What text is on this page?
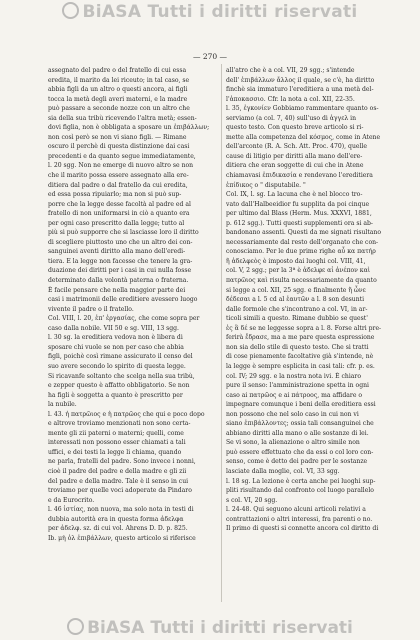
BiASA Tutti i diritti riservati
— 270 —

assegnato del padre o del fratello di cui essa

eredita, il marito da lei riceuto; in tal caso, se

abbia figli da un altro o questi ancora, ai figli

tocca la metà degli averi materni, e la madre

può passare a seconde nozze con un altro che

sia della sua tribù ricevendo l'altra metà; essen-

dovi figlia, non è obbligata a sposare un ἐπιβάλλων;

non così però se non vi siano figli. — Rimane

oscuro il perchè di questa distinzione dai casi

precedenti e da quanto segue immediatamente,

l. 20 sgg. Non ne emerge di nuovo altro se non

che il marito possa essere assegnato alla ere-

ditiera dal padre o dal fratello da cui eredita,

ed essa possa ripuiarlo; ma non si può sup-

porre che la legge desse facoltà al padre ed al

fratello di non uniformarsi in ciò a quanto era

per ogni caso prescritto dalla legge; tutto al

più si può supporre che si lasciasse loro il diritto

di scegliere piuttosto uno che un altro dei con-

sanguinei aventi diritto alla mano dell'eredi-

tiera. E la legge non facesse che tenere la gra-

duazione dei diritti per i casi in cui nulla fosse

determinato dalla volontà paterna o fraterna.

È facile pensare che nella maggior parte dei

casi i matrimonii delle ereditiere avessero luogo

vivente il padre o il fratello.

Col. VIII, l. 20, ἐπ' ἐργασίας, che come sopra per

caso dalla nobile. VII 50 e sg. VIII, 13 sgg.

l. 30 sg. la ereditiera vedova non è libera di

sposare chi vuole se non per caso che abbia

figli, poichè così rimane assicurato il censo del

suo avere secondo lo spirito di questa legge.

Si ricavanfe soltanto che scelga nella sua tribù,

e zepper questo è affatto obbligatorio. Se non

ha figli è soggetta a quanto è prescritto per

la nubile.

l. 43. ἡ πατρῶιος e ἡ πατρῶος che qui e poco dopo

e altrove troviamo menzionati non sono certa-

mente gli zii paterni o materni; quelli, come

interessati non possono esser chiamati a tali

uffici, e dei testi la legge li chiama, quando

ne parla, fratelli del padre. Sono invece i nonni,

cioè il padre del padre e della madre e gli zii

del padre e della madre. Tale è il senso in cui

troviamo per quelle voci adoperate da Pindaro

e da Eurocrito.

l. 46 ἱστίας, non nuova, ma solo nota in testi di

dubbia autorità era in questa forma ἀδελφα

per ἀδελφ. sz. di cui vol. Ahrens D. D. p. 825.

Ib. μὴ ὀλ ἐπιβάλλων, questo articolo si riferisce

all'atro che è a col. VII, 29 sgg.; s'intende

dell' ἐπιβάλλων ἄλλος il quale, se c'è, ha diritto

finchè sia immaturo l'ereditiera a una metà del-

l'ἀποκασσιο. Cfr. la nota a col. XII, 22-35.

l. 35, ἐγκονίεν Gobbiamo rammentare quanto os-

serviamo (a col. 7, 40) sull'uso di ἀγγελ in

questo testo. Con questo breve articolo si ri-

mette alla competenza del κόσμος, come in Atene

dell'arconte (R. A. Sch. Att. Proc. 470), quelle

cause di litigio per diritti alla mano dell'ere-

ditiera che eran soggette di cui che in Atene

chiamavasi ἐπιδικασία e rendevano l'ereditiera

ἐπίδικος o " disputabile. "

Col. IX, l. sg. La lacuna che è nel blocco tro-

vato dall'Halbeeidior fu supplita da poi cinque

per ultimo dal Blass (Herm. Mus. XXXVI, 1881,

p. 612 sgg.). Tutti questi supplementi ora si ab-

bandonano assenti. Questi da me signati risultano

necessariamente dal resto dell'organato che con-

conosciamo. Per le due prime righe αὖ κα πατήρ

ἢ ἀδελφεὸς è imposto dai luoghi col. VIII, 41,

col. V, 2 sgg.; per la 3ª è ἀδελφε αἱ ἀνέπον καὶ

πατρῶιος καὶ risulta necessariamente da quanto

si legge a col. XII, 25 sgg. e finalmente ἢ ὦνε

δέδεσαι a l. 5 cd al ἑαυτῶν a l. 8 son desunti

dalle formole che s'incontrano a col. VI, in ar-

ticoli simili a questo. Rimane dubbio se quest'

ἐς ἃ δέ se ne leggesse sopra a l. 8. Forse altri pre-

ferirà ἔδρασε, ma a me pare questa espressione

non sia dello stile di questo testo. Che si tratti

di cose pienamente facoltative già s'intende, nè

la legge è sempre esplicita in casi tali: cfr. p. es.

col. IV; 29 sgg. e la nostra nota ivi. È chiaro

pure il senso: l'amministrazione spetta in ogni

caso ai πατρῶος e ai πάτροος, ma affidare o

impegnare comunque i beni della ereditiera essi

non possono che nel solo caso in cui non vi

siano ἐπιβάλλοντες; ossia tali consanguinei che

abbiano diritti alla mano o alle sostanze di lei.

Se vi sono, la alienazione o altro simile non

può essere effettuato che da essi o col loro con-

senso, come è detto dei padre per le sostanze

lasciate dalla moglie, col. VI, 33 sgg.

l. 18 sg. La lezione è certa anche pei luoghi sup-

pliti risultando dal confronto col luogo parallelo

s col. VI, 20 sgg.

l. 24-48. Qui seguono alcuni articoli relativi a

contrattazioni o altri interessi, fra parenti o no.

Il primo di questi si connette ancora col diritto di

BiASA Tutti i diritti riservati
